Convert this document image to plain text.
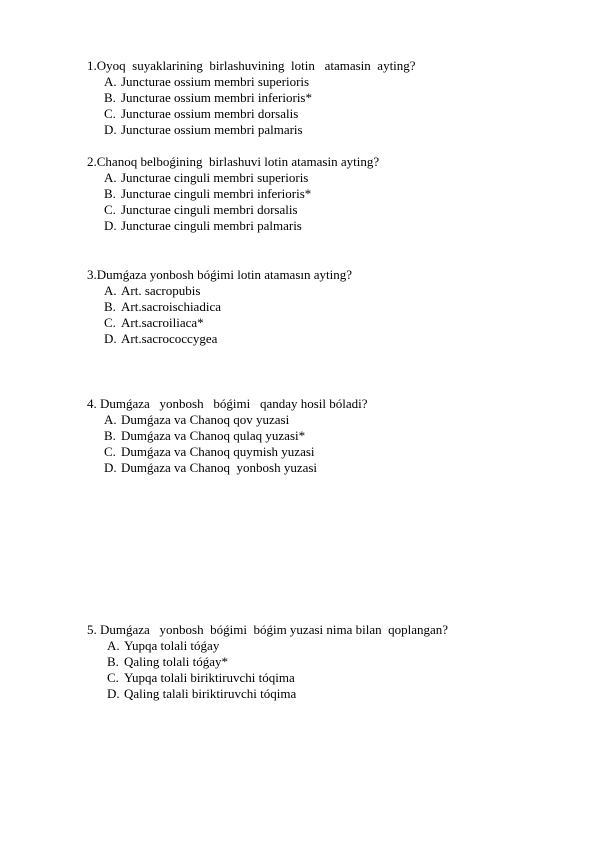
1.Oyoq  suyaklarining  birlashuvining  lotin   atamasin  ayting?
A. Juncturae ossium membri superioris
B. Juncturae ossium membri inferioris*
C. Juncturae ossium membri dorsalis
D. Juncturae ossium membri palmaris
2.Chanoq belboǵining  birlashuvi lotin atamasin ayting?
A. Juncturae cinguli membri superioris
B. Juncturae cinguli membri inferioris*
C. Juncturae cinguli membri dorsalis
D. Juncturae cinguli membri palmaris
3.Dumǵaza yonbosh bóǵimi lotin atamasın ayting?
A. Art. sacropubis
B. Art.sacroischiadica
C. Art.sacroiliaca*
D. Art.sacrococcygea
4. Dumǵaza   yonbosh   bóǵimi   qanday hosil bóladi?
A. Dumǵaza va Chanoq qov yuzasi
B. Dumǵaza va Chanoq qulaq yuzasi*
C. Dumǵaza va Chanoq quymish yuzasi
D. Dumǵaza va Chanoq  yonbosh yuzasi
5. Dumǵaza   yonbosh  bóǵimi  bóǵim yuzasi nima bilan  qoplangan?
A. Yupqa tolali tóǵay
B. Qaling tolali tóǵay*
C. Yupqa tolali biriktiruvchi tóqima
D. Qaling talali biriktiruvchi tóqima
